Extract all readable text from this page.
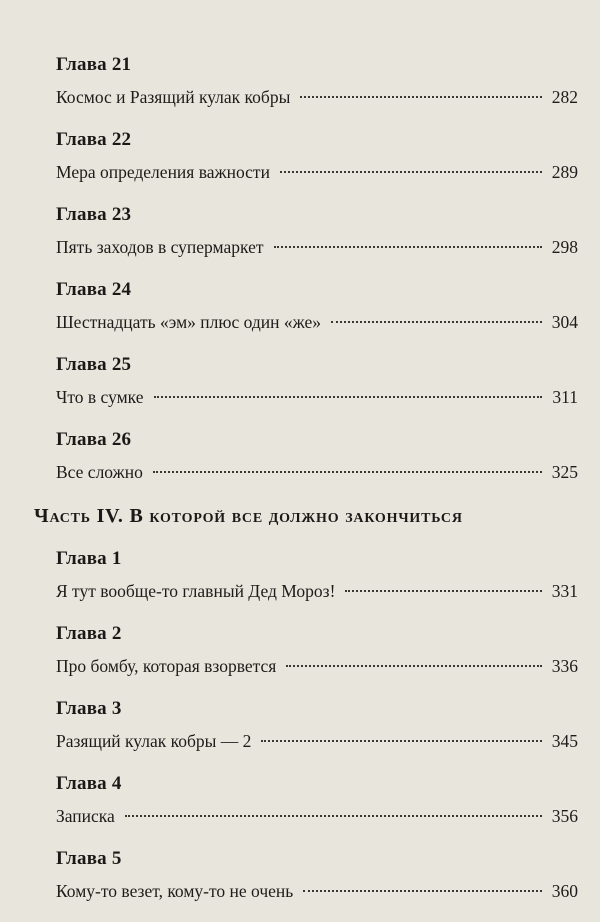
Глава 21
Космос и Разящий кулак кобры	282
Глава 22
Мера определения важности	289
Глава 23
Пять заходов в супермаркет	298
Глава 24
Шестнадцать «эм» плюс один «же»	304
Глава 25
Что в сумке	311
Глава 26
Все сложно	325
Часть IV. В которой все должно закончиться
Глава 1
Я тут вообще-то главный Дед Мороз!	331
Глава 2
Про бомбу, которая взорвется	336
Глава 3
Разящий кулак кобры — 2	345
Глава 4
Записка	356
Глава 5
Кому-то везет, кому-то не очень	360
